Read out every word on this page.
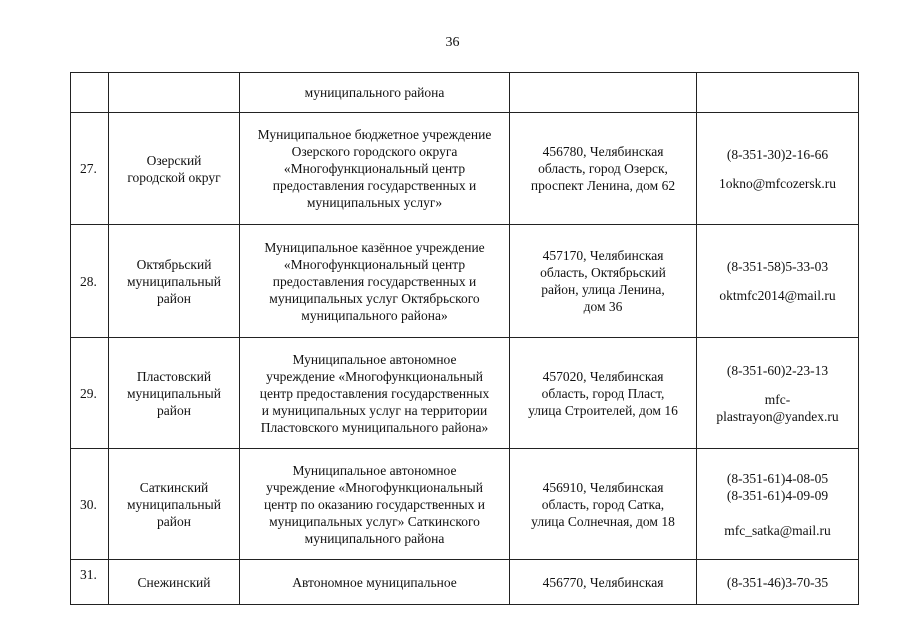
36

		муниципального района		

27.	Озерский
городской округ	Муниципальное бюджетное учреждение
Озерского городского округа
«Многофункциональный центр
предоставления государственных и
муниципальных услуг»	456780, Челябинская
область, город Озерск,
проспект Ленина, дом 62	(8-351-30)2-16-66
1okno@mfcozersk.ru

28.	Октябрьский
муниципальный
район	Муниципальное казённое учреждение
«Многофункциональный центр
предоставления государственных и
муниципальных услуг Октябрьского
муниципального района»	457170, Челябинская
область, Октябрьский
район, улица Ленина,
дом 36	(8-351-58)5-33-03
oktmfc2014@mail.ru

29.	Пластовский
муниципальный
район	Муниципальное автономное
учреждение «Многофункциональный
центр предоставления государственных
и муниципальных услуг на территории
Пластовского муниципального района»	457020, Челябинская
область, город Пласт,
улица Строителей, дом 16	(8-351-60)2-23-13
mfc-
plastrayon@yandex.ru

30.	Саткинский
муниципальный
район	Муниципальное автономное
учреждение «Многофункциональный
центр по оказанию государственных и
муниципальных услуг» Саткинского
муниципального района	456910, Челябинская
область, город Сатка,
улица Солнечная, дом 18	(8-351-61)4-08-05
(8-351-61)4-09-09
mfc_satka@mail.ru

31.	Снежинский	Автономное муниципальное	456770, Челябинская	(8-351-46)3-70-35
